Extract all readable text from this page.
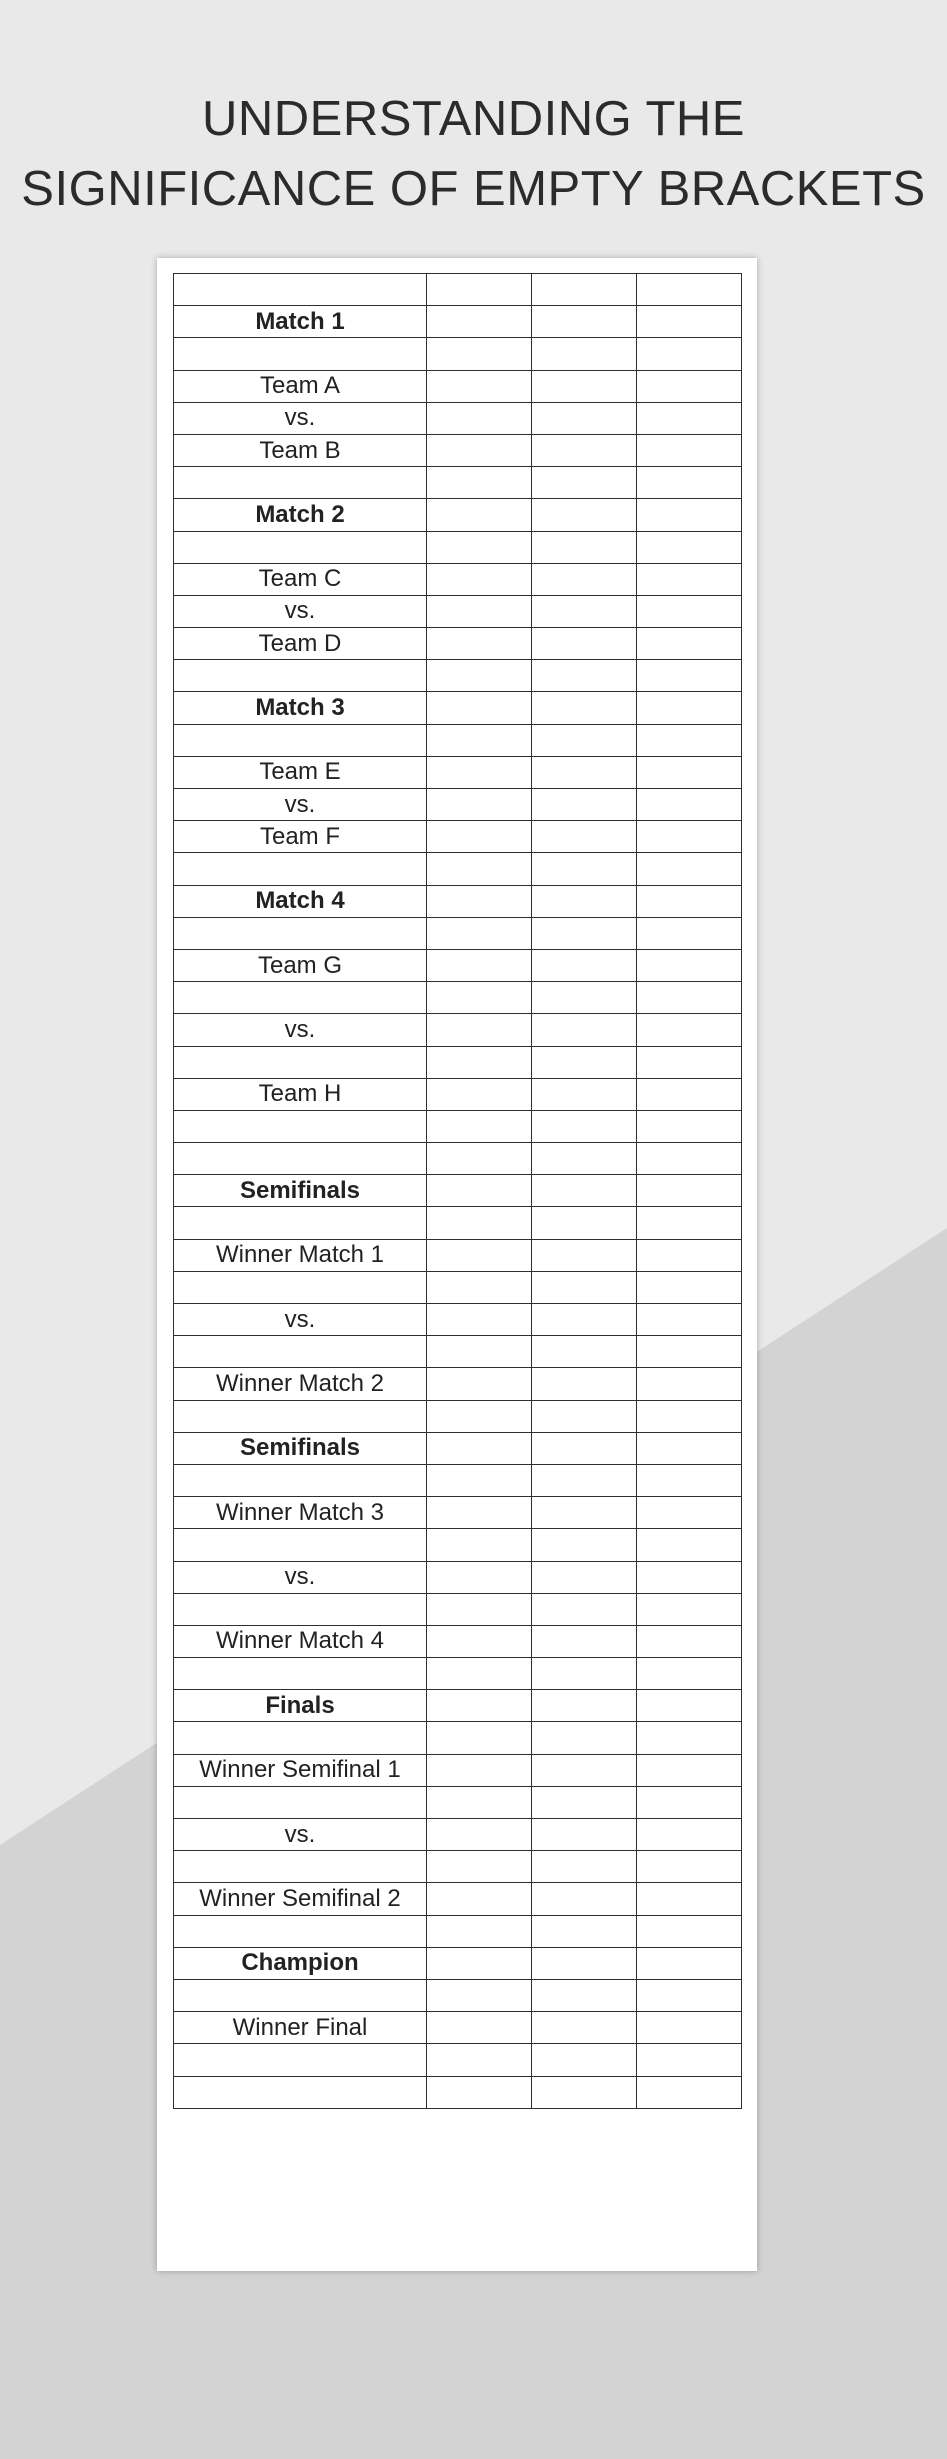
UNDERSTANDING THE
SIGNIFICANCE OF EMPTY BRACKETS

Match 1			

Team A			
vs.			
Team B			

Match 2			

Team C			
vs.			
Team D			

Match 3			

Team E			
vs.			
Team F			

Match 4			

Team G			

vs.			

Team H			

Semifinals			

Winner Match 1			

vs.			

Winner Match 2			

Semifinals			

Winner Match 3			

vs.			

Winner Match 4			

Finals			

Winner Semifinal 1			

vs.			

Winner Semifinal 2			

Champion			

Winner Final			
